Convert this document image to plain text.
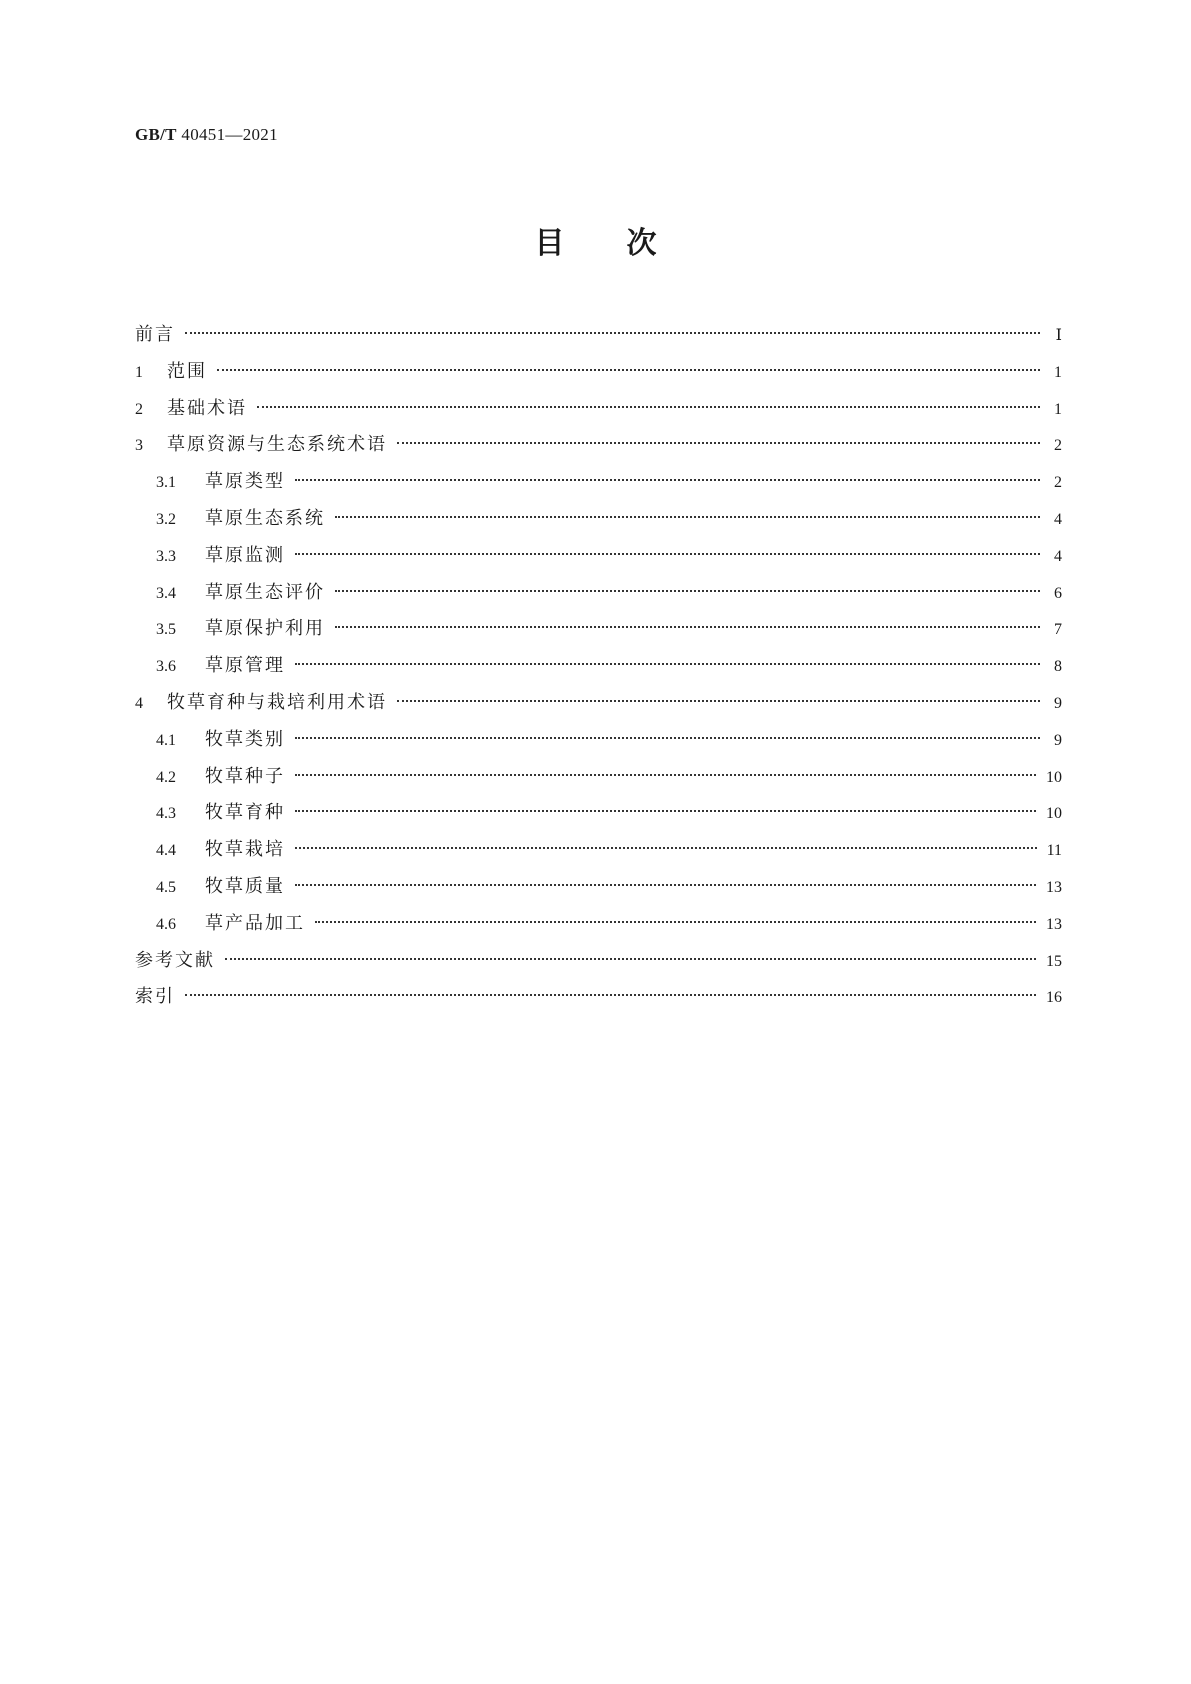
GB/T 40451—2021
目次
前言	Ⅰ
1	范围	1
2	基础术语	1
3	草原资源与生态系统术语	2
3.1	草原类型	2
3.2	草原生态系统	4
3.3	草原监测	4
3.4	草原生态评价	6
3.5	草原保护利用	7
3.6	草原管理	8
4	牧草育种与栽培利用术语	9
4.1	牧草类别	9
4.2	牧草种子	10
4.3	牧草育种	10
4.4	牧草栽培	11
4.5	牧草质量	13
4.6	草产品加工	13
参考文献	15
索引	16
